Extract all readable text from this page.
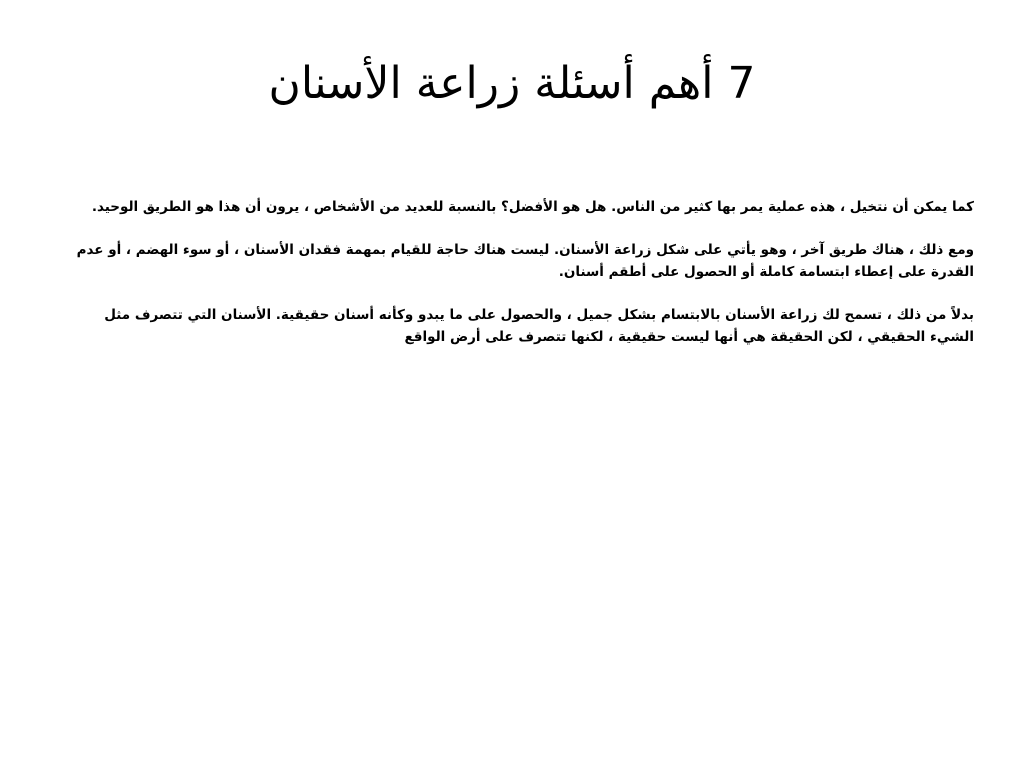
7 أهم أسئلة زراعة الأسنان

كما يمكن أن نتخيل ، هذه عملية يمر بها كثير من الناس. هل هو الأفضل؟ بالنسبة للعديد من الأشخاص ، يرون أن هذا هو الطريق الوحيد.

ومع ذلك ، هناك طريق آخر ، وهو يأتي على شكل زراعة الأسنان. ليست هناك حاجة للقيام بمهمة فقدان الأسنان ، أو سوء الهضم ، أو عدم القدرة على إعطاء ابتسامة كاملة أو الحصول على أطقم أسنان.

بدلاً من ذلك ، تسمح لك زراعة الأسنان بالابتسام بشكل جميل ، والحصول على ما يبدو وكأنه أسنان حقيقية. الأسنان التي تتصرف مثل الشيء الحقيقي ، لكن الحقيقة هي أنها ليست حقيقية ، لكنها تتصرف على أرض الواقع
